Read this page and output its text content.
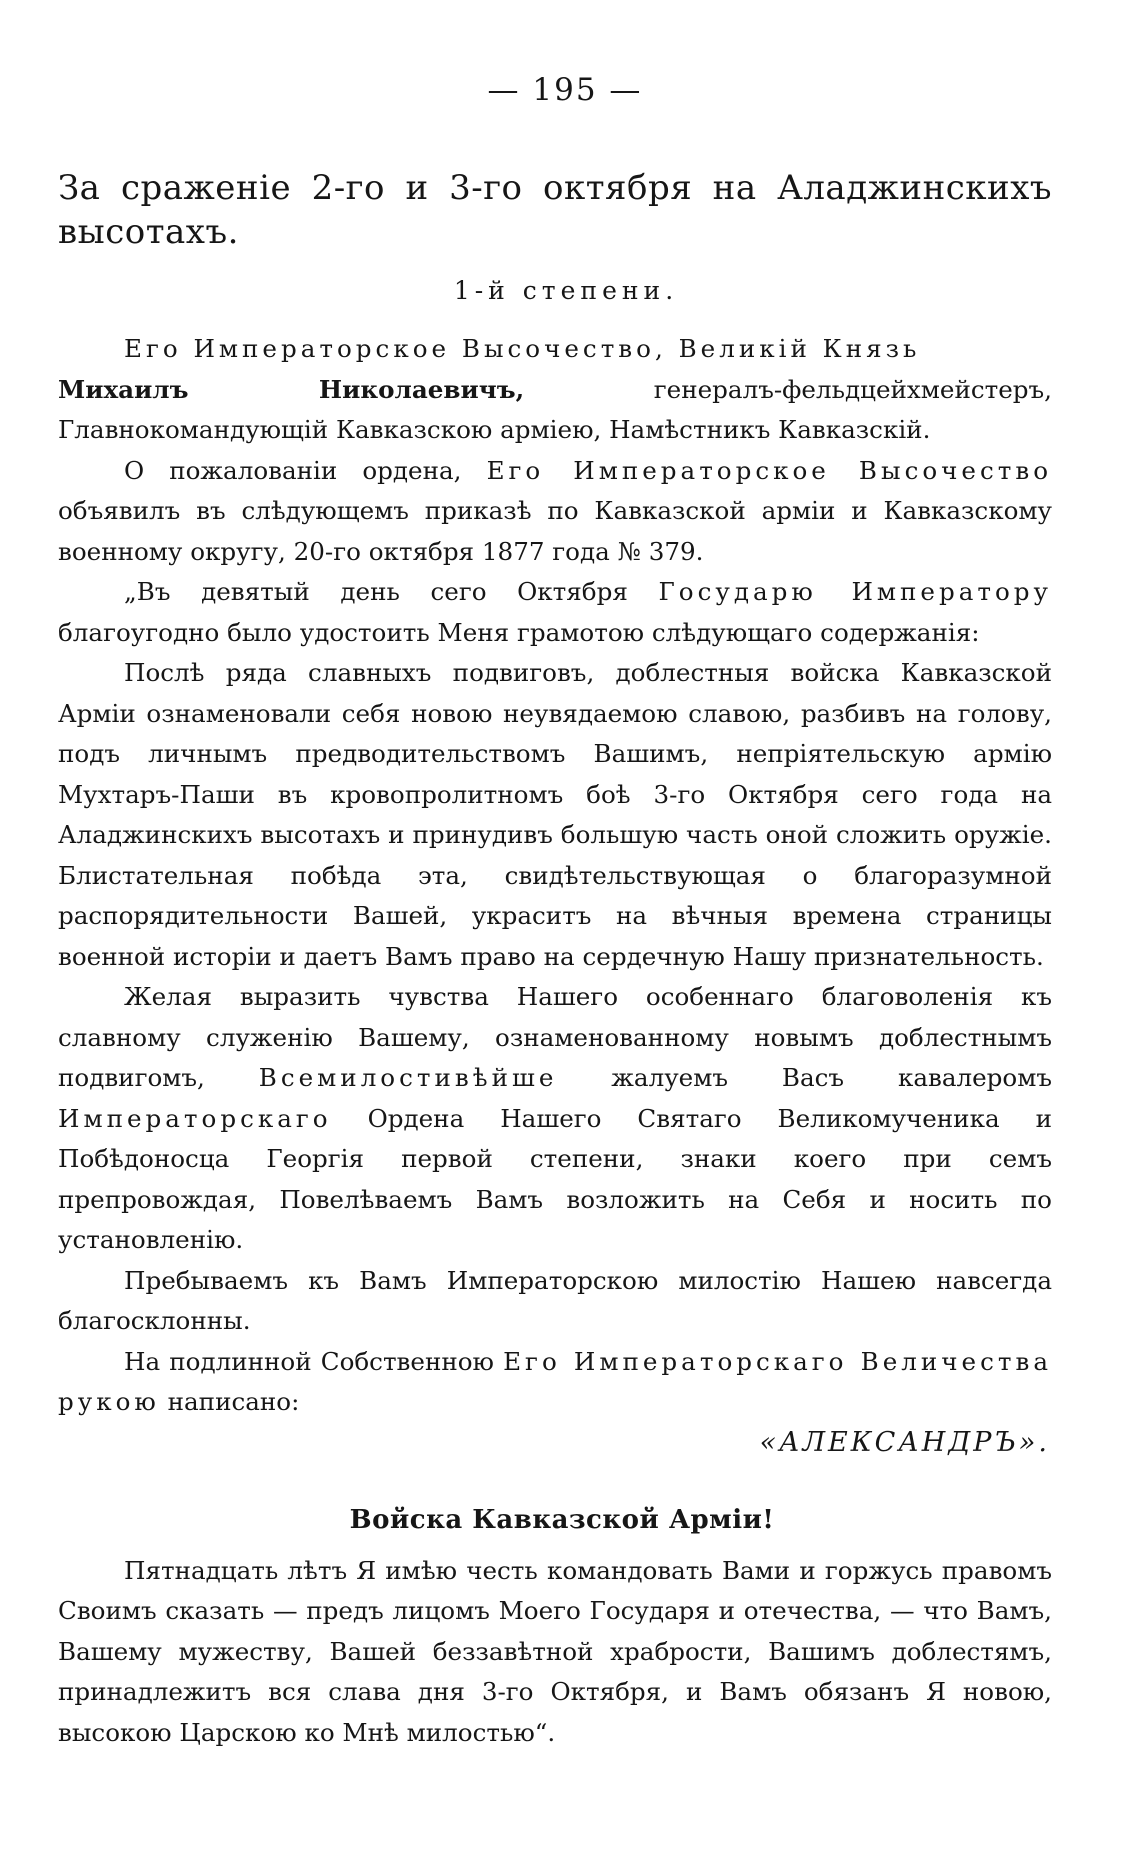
— 195 —
За сраженіе 2-го и 3-го октября на Аладжинскихъ высотахъ.
1-й степени.

Его Императорское Высочество, Великій Князь
Михаилъ Николаевичъ, генералъ-фельдцейхмейстеръ, Главнокомандующій Кавказскою арміею, Намѣстникъ Кавказскій.

О пожалованіи ордена, Его Императорское Высочество объявилъ въ слѣдующемъ приказѣ по Кавказской арміи и Кавказскому военному округу, 20-го октября 1877 года № 379.

„Въ девятый день сего Октября Государю Императору благоугодно было удостоить Меня грамотою слѣдующаго содержанія:

Послѣ ряда славныхъ подвиговъ, доблестныя войска Кавказской Арміи ознаменовали себя новою неувядаемою славою, разбивъ на голову, подъ личнымъ предводительствомъ Вашимъ, непріятельскую армію Мухтаръ-Паши въ кровопролитномъ боѣ 3-го Октября сего года на Аладжинскихъ высотахъ и принудивъ большую часть оной сложить оружіе. Блистательная побѣда эта, свидѣтельствующая о благоразумной распорядительности Вашей, украситъ на вѣчныя времена страницы военной исторіи и даетъ Вамъ право на сердечную Нашу признательность.

Желая выразить чувства Нашего особеннаго благоволенія къ славному служенію Вашему, ознаменованному новымъ доблестнымъ подвигомъ, Всемилостивѣйше жалуемъ Васъ кавалеромъ Императорскаго Ордена Нашего Святаго Великомученика и Побѣдоносца Георгія первой степени, знаки коего при семъ препровождая, Повелѣваемъ Вамъ возложить на Себя и носить по установленію.

Пребываемъ къ Вамъ Императорскою милостію Нашею навсегда благосклонны.

На подлинной Собственною Его Императорскаго Величества рукою написано:

«АЛЕКСАНДРЪ».
Войска Кавказской Арміи!

Пятнадцать лѣтъ Я имѣю честь командовать Вами и горжусь правомъ Своимъ сказать — предъ лицомъ Моего Государя и отечества, — что Вамъ, Вашему мужеству, Вашей беззавѣтной храбрости, Вашимъ доблестямъ, принадлежитъ вся слава дня 3-го Октября, и Вамъ обязанъ Я новою, высокою Царскою ко Мнѣ милостью“.
